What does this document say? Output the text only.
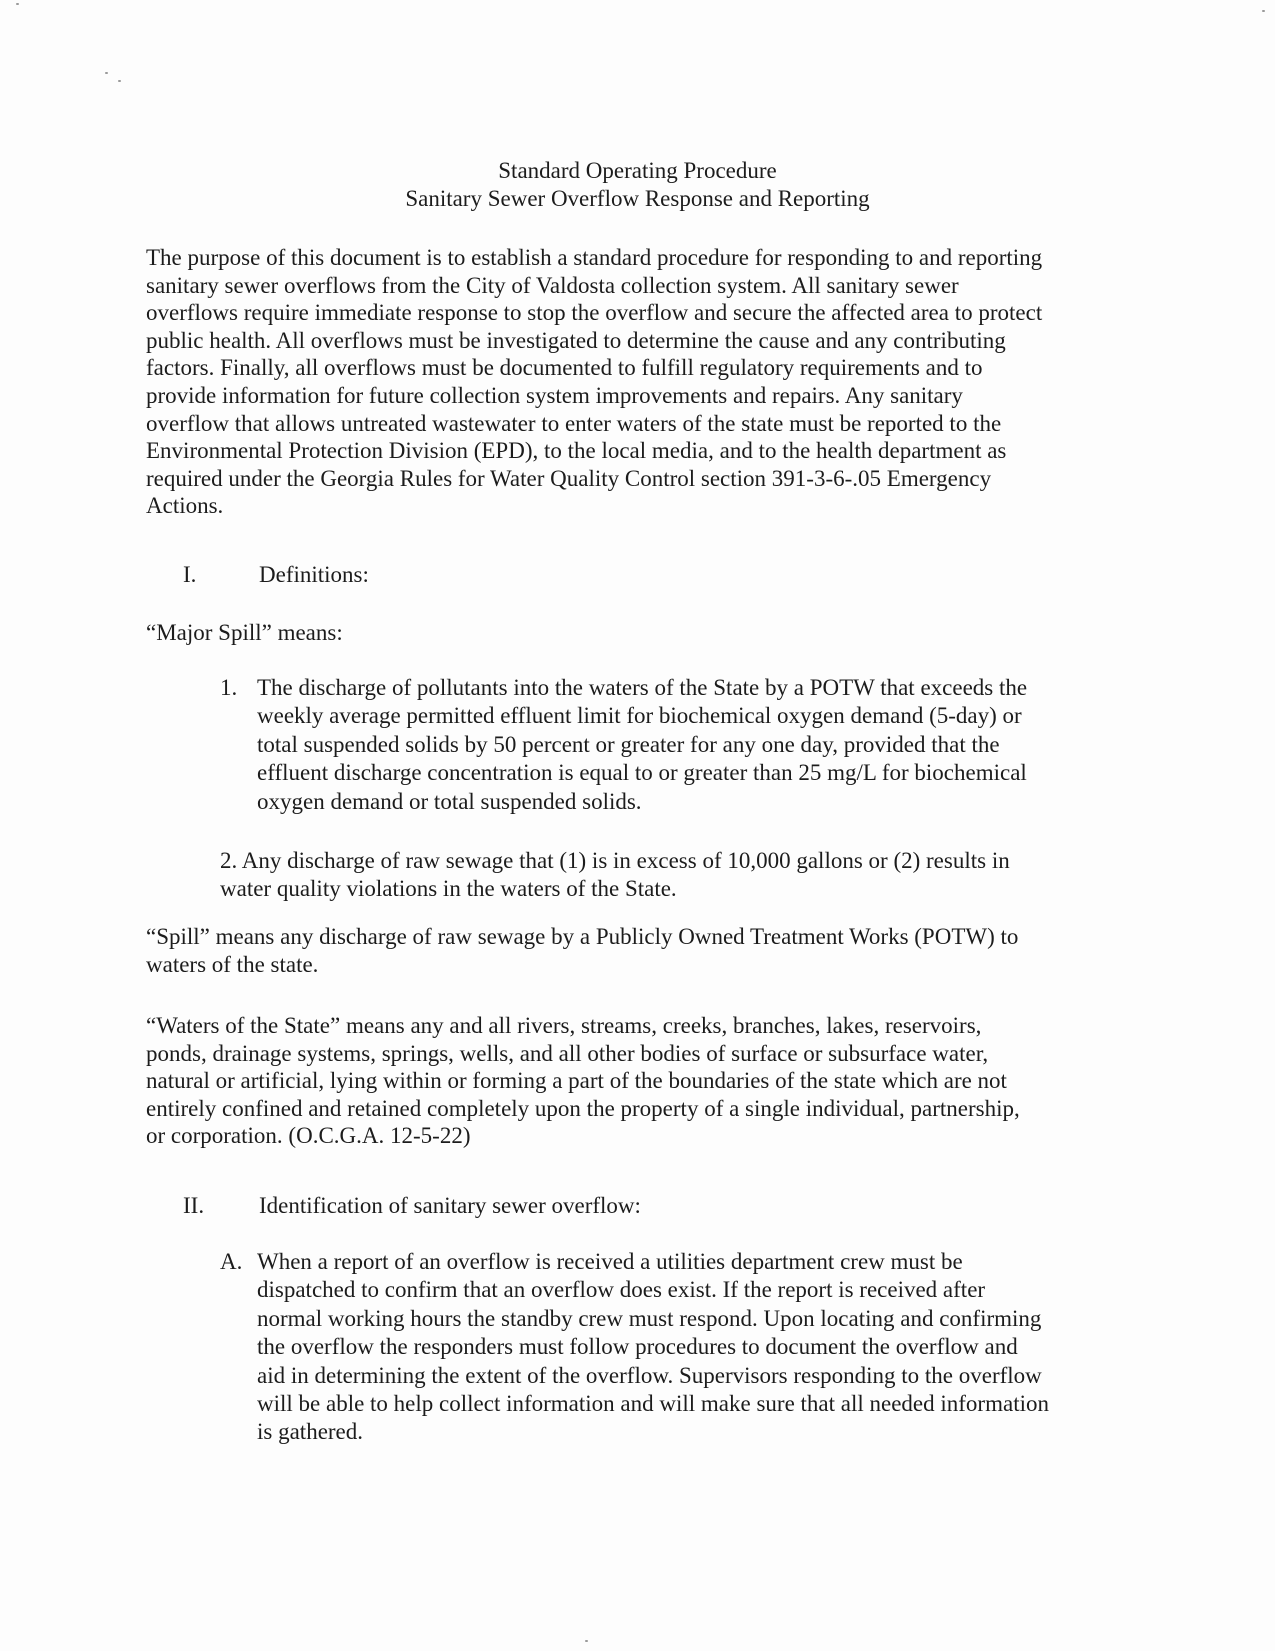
Standard Operating Procedure
Sanitary Sewer Overflow Response and Reporting
The purpose of this document is to establish a standard procedure for responding to and reporting
sanitary sewer overflows from the City of Valdosta collection system. All sanitary sewer
overflows require immediate response to stop the overflow and secure the affected area to protect
public health. All overflows must be investigated to determine the cause and any contributing
factors. Finally, all overflows must be documented to fulfill regulatory requirements and to
provide information for future collection system improvements and repairs. Any sanitary
overflow that allows untreated wastewater to enter waters of the state must be reported to the
Environmental Protection Division (EPD), to the local media, and to the health department as
required under the Georgia Rules for Water Quality Control section 391-3-6-.05 Emergency
Actions.
I.	Definitions:
“Major Spill” means:
1. The discharge of pollutants into the waters of the State by a POTW that exceeds the
weekly average permitted effluent limit for biochemical oxygen demand (5-day) or
total suspended solids by 50 percent or greater for any one day, provided that the
effluent discharge concentration is equal to or greater than 25 mg/L for biochemical
oxygen demand or total suspended solids.
2. Any discharge of raw sewage that (1) is in excess of 10,000 gallons or (2) results in
water quality violations in the waters of the State.
“Spill” means any discharge of raw sewage by a Publicly Owned Treatment Works (POTW) to
waters of the state.
“Waters of the State” means any and all rivers, streams, creeks, branches, lakes, reservoirs,
ponds, drainage systems, springs, wells, and all other bodies of surface or subsurface water,
natural or artificial, lying within or forming a part of the boundaries of the state which are not
entirely confined and retained completely upon the property of a single individual, partnership,
or corporation. (O.C.G.A. 12-5-22)
II. Identification of sanitary sewer overflow:
A. When a report of an overflow is received a utilities department crew must be
dispatched to confirm that an overflow does exist. If the report is received after
normal working hours the standby crew must respond. Upon locating and confirming
the overflow the responders must follow procedures to document the overflow and
aid in determining the extent of the overflow. Supervisors responding to the overflow
will be able to help collect information and will make sure that all needed information
is gathered.
